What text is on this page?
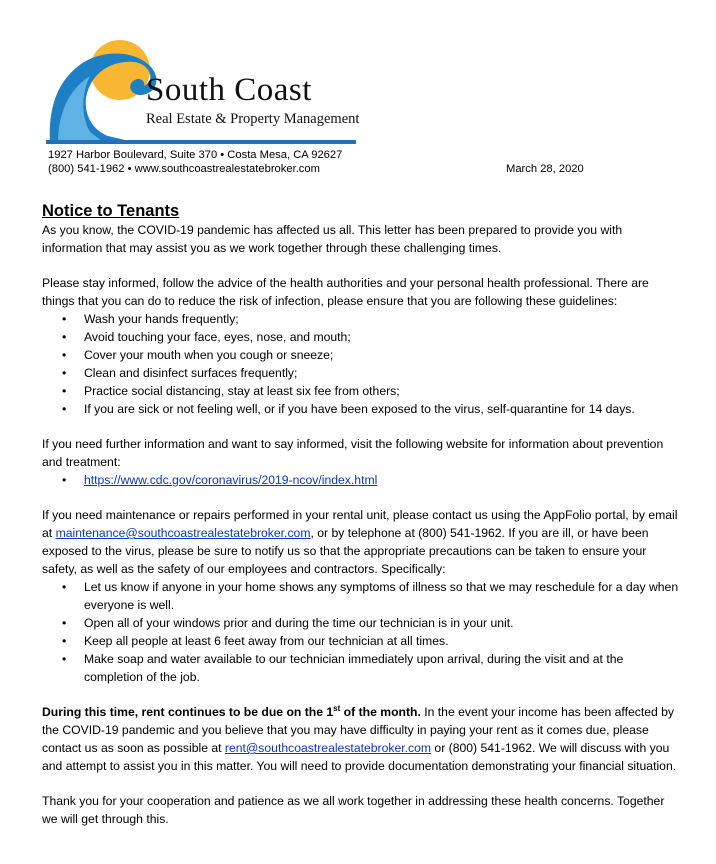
South Coast
Real Estate & Property Management
1927 Harbor Boulevard, Suite 370 • Costa Mesa, CA 92627
(800) 541-1962 • www.southcoastrealestatebroker.com	March 28, 2020
Notice to Tenants

As you know, the COVID-19 pandemic has affected us all. This letter has been prepared to provide you with information that may assist you as we work together through these challenging times.

Please stay informed, follow the advice of the health authorities and your personal health professional. There are things that you can do to reduce the risk of infection, please ensure that you are following these guidelines:

• Wash your hands frequently;
• Avoid touching your face, eyes, nose, and mouth;
• Cover your mouth when you cough or sneeze;
• Clean and disinfect surfaces frequently;
• Practice social distancing, stay at least six fee from others;
• If you are sick or not feeling well, or if you have been exposed to the virus, self-quarantine for 14 days.

If you need further information and want to say informed, visit the following website for information about prevention and treatment:

• https://www.cdc.gov/coronavirus/2019-ncov/index.html

If you need maintenance or repairs performed in your rental unit, please contact us using the AppFolio portal, by email at maintenance@southcoastrealestatebroker.com, or by telephone at (800) 541-1962. If you are ill, or have been exposed to the virus, please be sure to notify us so that the appropriate precautions can be taken to ensure your safety, as well as the safety of our employees and contractors. Specifically:

• Let us know if anyone in your home shows any symptoms of illness so that we may reschedule for a day when everyone is well.
• Open all of your windows prior and during the time our technician is in your unit.
• Keep all people at least 6 feet away from our technician at all times.
• Make soap and water available to our technician immediately upon arrival, during the visit and at the completion of the job.

During this time, rent continues to be due on the 1st of the month. In the event your income has been affected by the COVID-19 pandemic and you believe that you may have difficulty in paying your rent as it comes due, please contact us as soon as possible at rent@southcoastrealestatebroker.com or (800) 541-1962. We will discuss with you and attempt to assist you in this matter. You will need to provide documentation demonstrating your financial situation.

Thank you for your cooperation and patience as we all work together in addressing these health concerns. Together we will get through this.
